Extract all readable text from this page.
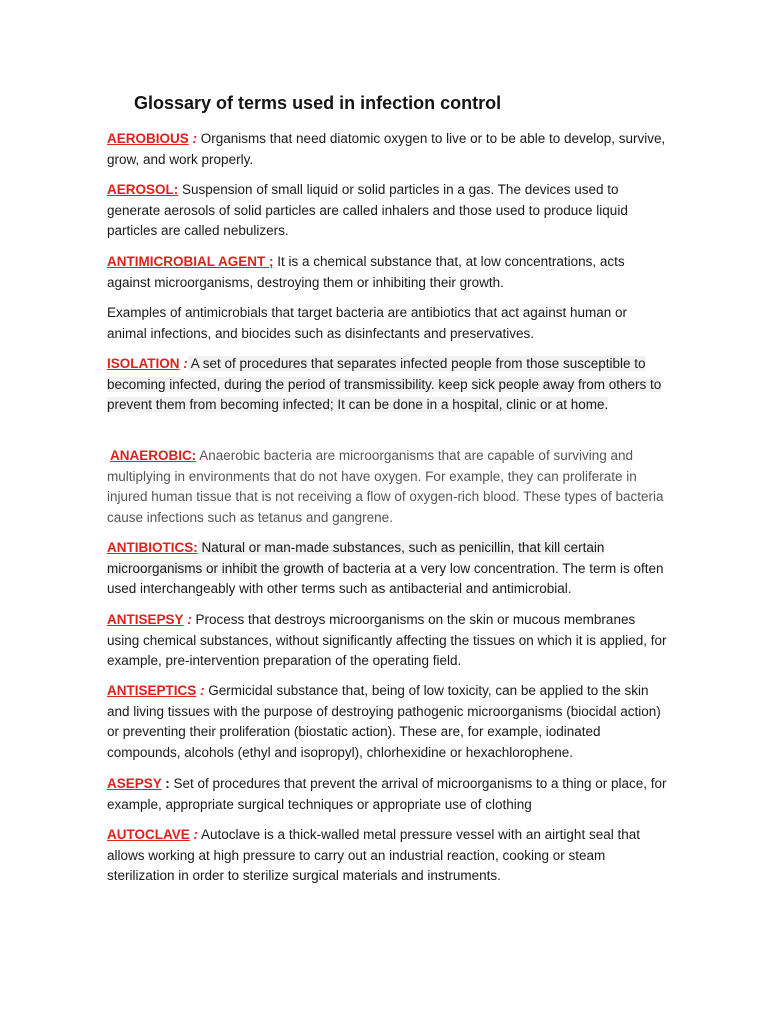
Glossary of terms used in infection control

AEROBIOUS : Organisms that need diatomic oxygen to live or to be able to develop, survive, grow, and work properly.

AEROSOL: Suspension of small liquid or solid particles in a gas. The devices used to generate aerosols of solid particles are called inhalers and those used to produce liquid particles are called nebulizers.

ANTIMICROBIAL AGENT ; It is a chemical substance that, at low concentrations, acts against microorganisms, destroying them or inhibiting their growth.

Examples of antimicrobials that target bacteria are antibiotics that act against human or animal infections, and biocides such as disinfectants and preservatives.

ISOLATION : A set of procedures that separates infected people from those susceptible to becoming infected, during the period of transmissibility. keep sick people away from others to prevent them from becoming infected; It can be done in a hospital, clinic or at home.

ANAEROBIC: Anaerobic bacteria are microorganisms that are capable of surviving and multiplying in environments that do not have oxygen. For example, they can proliferate in injured human tissue that is not receiving a flow of oxygen-rich blood. These types of bacteria cause infections such as tetanus and gangrene.

ANTIBIOTICS: Natural or man-made substances, such as penicillin, that kill certain microorganisms or inhibit the growth of bacteria at a very low concentration. The term is often used interchangeably with other terms such as antibacterial and antimicrobial.

ANTISEPSY : Process that destroys microorganisms on the skin or mucous membranes using chemical substances, without significantly affecting the tissues on which it is applied, for example, pre-intervention preparation of the operating field.

ANTISEPTICS : Germicidal substance that, being of low toxicity, can be applied to the skin and living tissues with the purpose of destroying pathogenic microorganisms (biocidal action) or preventing their proliferation (biostatic action). These are, for example, iodinated compounds, alcohols (ethyl and isopropyl), chlorhexidine or hexachlorophene.

ASEPSY : Set of procedures that prevent the arrival of microorganisms to a thing or place, for example, appropriate surgical techniques or appropriate use of clothing

AUTOCLAVE : Autoclave is a thick-walled metal pressure vessel with an airtight seal that allows working at high pressure to carry out an industrial reaction, cooking or steam sterilization in order to sterilize surgical materials and instruments.
